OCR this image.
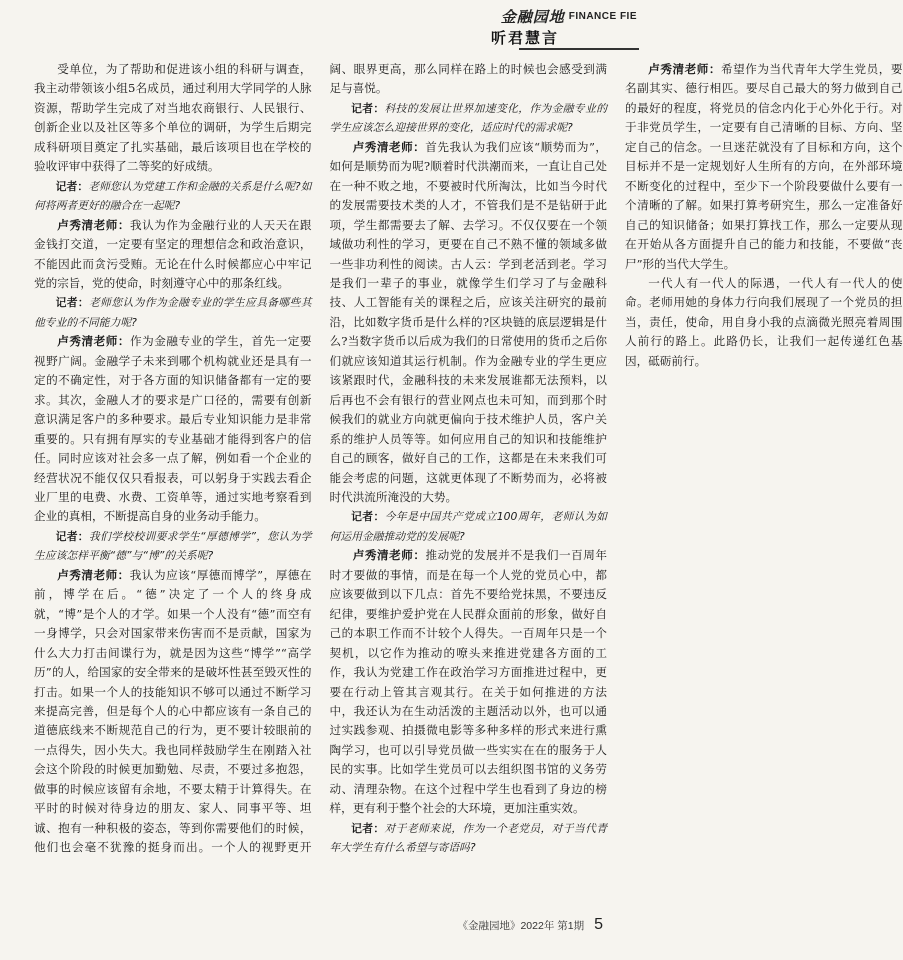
金融园地 FINANCE FIE
听君慧言

受单位，为了帮助和促进该小组的科研与调查，我主动带领该小组5名成员，通过利用大学同学的人脉资源，帮助学生完成了对当地农商银行、人民银行、创新企业以及社区等多个单位的调研，为学生后期完成科研项目奠定了扎实基础，最后该项目也在学校的验收评审中获得了二等奖的好成绩。

记者：老师您认为党建工作和金融的关系是什么呢?如何将两者更好的融合在一起呢?

卢秀清老师：我认为作为金融行业的人天天在跟金钱打交道，一定要有坚定的理想信念和政治意识，不能因此而贪污受贿。无论在什么时候都应心中牢记党的宗旨，党的使命，时刻遵守心中的那条红线。

记者：老师您认为作为金融专业的学生应具备哪些其他专业的不同能力呢?

卢秀清老师：作为金融专业的学生，首先一定要视野广阔。金融学子未来到哪个机构就业还是具有一定的不确定性，对于各方面的知识储备都有一定的要求。其次，金融人才的要求是广口径的，需要有创新意识满足客户的多种要求。最后专业知识能力是非常重要的。只有拥有厚实的专业基础才能得到客户的信任。同时应该对社会多一点了解，例如看一个企业的经营状况不能仅仅只看报表，可以躬身于实践去看企业厂里的电费、水费、工资单等，通过实地考察看到企业的真相，不断提高自身的业务动手能力。

记者：我们学校校训要求学生“厚德博学”，您认为学生应该怎样平衡“德”与“博”的关系呢?

卢秀清老师：我认为应该“厚德而博学”，厚德在前，博学在后。“德”决定了一个人的终身成就，“博”是个人的才学。如果一个人没有“德”而空有一身博学，只会对国家带来伤害而不是贡献，国家为什么大力打击间谍行为，就是因为这些“博学”“高学历”的人，给国家的安全带来的是破坏性甚至毁灭性的打击。如果一个人的技能知识不够可以通过不断学习来提高完善，但是每个人的心中都应该有一条自己的道德底线来不断规范自己的行为，更不要计较眼前的一点得失，因小失大。我也同样鼓励学生在刚踏入社会这个阶段的时候更加勤勉、尽责，不要过多抱怨，做事的时候应该留有余地，不要太精于计算得失。在平时的时候对待身边的朋友、家人、同事平等、坦诚、抱有一种积极的姿态，等到你需要他们的时候，他们也会毫不犹豫的挺身而出。一个人的视野更开阔、眼界更高，那么同样在路上的时候也会感受到满足与喜悦。

记者：科技的发展让世界加速变化，作为金融专业的学生应该怎么迎接世界的变化，适应时代的需求呢?

卢秀清老师：首先我认为我们应该“顺势而为”，如何是顺势而为呢?顺着时代洪潮而来，一直让自己处在一种不败之地，不要被时代所淘汰，比如当今时代的发展需要技术类的人才，不管我们是不是钻研于此项，学生都需要去了解、去学习。不仅仅要在一个领域做功利性的学习，更要在自己不熟不懂的领域多做一些非功利性的阅读。古人云：学到老活到老。学习是我们一辈子的事业，就像学生们学习了与金融科技、人工智能有关的课程之后，应该关注研究的最前沿，比如数字货币是什么样的?区块链的底层逻辑是什么?当数字货币以后成为我们的日常使用的货币之后你们就应该知道其运行机制。作为金融专业的学生更应该紧跟时代，金融科技的未来发展谁都无法预料，以后再也不会有银行的营业网点也未可知，而到那个时候我们的就业方向就更偏向于技术维护人员，客户关系的维护人员等等。如何应用自己的知识和技能维护自己的顾客，做好自己的工作，这都是在未来我们可能会考虑的问题，这就更体现了不断势而为，必将被时代洪流所淹没的大势。

记者：今年是中国共产党成立100周年，老师认为如何运用金融推动党的发展呢?

卢秀清老师：推动党的发展并不是我们一百周年时才要做的事情，而是在每一个人党的党员心中，都应该要做到以下几点：首先不要给党抹黑，不要违反纪律，要维护爱护党在人民群众面前的形象，做好自己的本职工作而不计较个人得失。一百周年只是一个契机，以它作为推动的嘹头来推进党建各方面的工作，我认为党建工作在政治学习方面推进过程中，更要在行动上管其言观其行。在关于如何推进的方法中，我还认为在生动活泼的主题活动以外，也可以通过实践参观、拍摄微电影等多种多样的形式来进行熏陶学习，也可以引导党员做一些实实在在的服务于人民的实事。比如学生党员可以去组织图书馆的义务劳动、清理杂物。在这个过程中学生也看到了身边的榜样，更有利于整个社会的大环境，更加注重实效。

记者：对于老师来说，作为一个老党员，对于当代青年大学生有什么希望与寄语吗?

卢秀清老师：希望作为当代青年大学生党员，要名副其实、德行相匹。要尽自己最大的努力做到自己的最好的程度，将党员的信念内化于心外化于行。对于非党员学生，一定要有自己清晰的目标、方向、坚定自己的信念。一旦迷茫就没有了目标和方向，这个目标并不是一定规划好人生所有的方向，在外部环境不断变化的过程中，至少下一个阶段要做什么要有一个清晰的了解。如果打算考研究生，那么一定准备好自己的知识储备；如果打算找工作，那么一定要从现在开始从各方面提升自己的能力和技能，不要做“丧尸”形的当代大学生。

一代人有一代人的际遇，一代人有一代人的使命。老师用她的身体力行向我们展现了一个党员的担当，责任，使命，用自身小我的点滴微光照亮着周围人前行的路上。此路仍长，让我们一起传递红色基因，砥砺前行。

《金融园地》2022年 第1期 5
